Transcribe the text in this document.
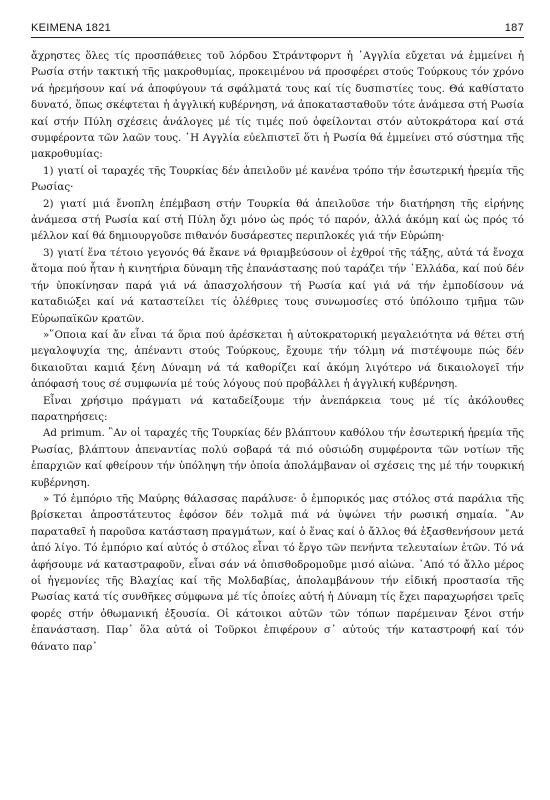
ΚΕΙΜΕΝΑ 1821	187

ἄχρηστες ὅλες τίς προσπάθειες τοῦ λόρδου Στράντφορντ ἡ ᾿Αγγλία εὔχεται νά ἐμμείνει ἡ Ρωσία στήν τακτική τῆς μακροθυμίας, προκειμένου νά προσφέρει στούς Τούρκους τόν χρόνο νά ἠρεμήσουν καί νά ἀποφύγουν τά σφάλματά τους καί τίς δυσπιστίες τους. Θά καθίστατο δυνατό, ὅπως σκέφτεται ἡ ἀγγλική κυβέρνηση, νά ἀποκατασταθοῦν τότε ἀνάμεσα στή Ρωσία καί στήν Πύλη σχέσεις ἀνάλογες μέ τίς τιμές πού ὀφείλονται στόν αὐτοκράτορα καί στά συμφέροντα τῶν λαῶν τους. ῾Η Αγγλία εὐελπιστεῖ ὅτι ἡ Ρωσία θά ἐμμείνει στό σύστημα τῆς μακροθυμίας:

1) γιατί οἱ ταραχές τῆς Τουρκίας δέν ἀπειλοῦν μέ κανένα τρόπο τήν ἐσωτερική ἠρεμία τῆς Ρωσίας·

2) γιατί μιά ἔνοπλη ἐπέμβαση στήν Τουρκία θά ἀπειλοῦσε τήν διατήρηση τῆς εἰρήνης ἀνάμεσα στή Ρωσία καί στή Πύλη ὄχι μόνο ὡς πρός τό παρόν, ἀλλά ἀκόμη καί ὡς πρός τό μέλλον καί θά δημιουργοῦσε πιθανόν δυσάρεστες περιπλοκές γιά τήν Εὐρώπη·

3) γιατί ἕνα τέτοιο γεγονός θά ἔκανε νά θριαμβεύσουν οἱ ἐχθροί τῆς τάξης, αὐτά τά ἔνοχα ἄτομα πού ἦταν ἡ κινητήρια δύναμη τῆς ἐπανάστασης πού ταράζει τήν ῾Ελλάδα, καί πού δέν τήν ὑποκίνησαν παρά γιά νά ἀπασχολήσουν τή Ρωσία καί γιά νά τήν ἐμποδίσουν νά καταδιώξει καί νά καταστείλει τίς ὀλέθριες τους συνωμοσίες στό ὑπόλοιπο τμῆμα τῶν Εὐρωπαϊκῶν κρατῶν.

»῞Οποια καί ἄν εἶναι τά ὅρια πού ἀρέσκεται ἡ αὐτοκρατορική μεγαλειότητα νά θέτει στή μεγαλοψυχία της, ἀπέναντι στούς Τούρκους, ἔχουμε τήν τόλμη νά πιστέψουμε πώς δέν δικαιοῦται καμιά ξένη Δύναμη νά τά καθορίζει καί ἀκόμη λιγότερο νά δικαιολογεῖ τήν ἀπόφασή τους σέ συμφωνία μέ τούς λόγους πού προβάλλει ἡ ἀγγλική κυβέρνηση.

Εἶναι χρήσιμο πράγματι νά καταδείξουμε τήν ἀνεπάρκεια τους μέ τίς ἀκόλουθες παρατηρήσεις:

Ad primum. ῍Αν οἱ ταραχές τῆς Τουρκίας δέν βλάπτουν καθόλου τήν ἐσωτερική ἠρεμία τῆς Ρωσίας, βλάπτουν ἀπεναντίας πολύ σοβαρά τά πιό οὐσιώδη συμφέροντα τῶν νοτίων τῆς ἐπαρχιῶν καί φθείρουν τήν ὑπόληψη τήν ὁποία ἀπολάμβαναν οἱ σχέσεις της μέ τήν τουρκική κυβέρνηση.

» Τό ἐμπόριο τῆς Μαύρης θάλασσας παράλυσε· ὁ ἐμπορικός μας στόλος στά παράλια τῆς βρίσκεται ἀπροστάτευτος ἐφόσον δέν τολμᾶ πιά νά ὑψώνει τήν ρωσική σημαία. ῎Αν παραταθεῖ ἡ παροῦσα κατάσταση πραγμάτων, καί ὁ ἕνας καί ὁ ἄλλος θά ἐξασθενήσουν μετά ἀπό λίγο. Τό ἐμπόριο καί αὐτός ὁ στόλος εἶναι τό ἔργο τῶν πενήντα τελευταίων ἐτῶν. Τό νά ἀφήσουμε νά καταστραφοῦν, εἶναι σάν νά ὀπισθοδρομοῦμε μισό αἰώνα. ᾿Από τό ἄλλο μέρος οἱ ἡγεμονίες τῆς Βλαχίας καί τῆς Μολδαβίας, ἀπολαμβάνουν τήν εἰδική προστασία τῆς Ρωσίας κατά τίς συνθῆκες σύμφωνα μέ τίς ὁποίες αὐτή ἡ Δύναμη τίς ἔχει παραχωρήσει τρεῖς φορές στήν ὀθωμανική ἐξουσία. Οἱ κάτοικοι αὐτῶν τῶν τόπων παρέμειναν ξένοι στήν ἐπανάσταση. Παρ᾿ ὅλα αὐτά οἱ Τοῦρκοι ἐπιφέρουν σ᾿ αὐτούς τήν καταστροφή καί τόν θάνατο παρ᾿
